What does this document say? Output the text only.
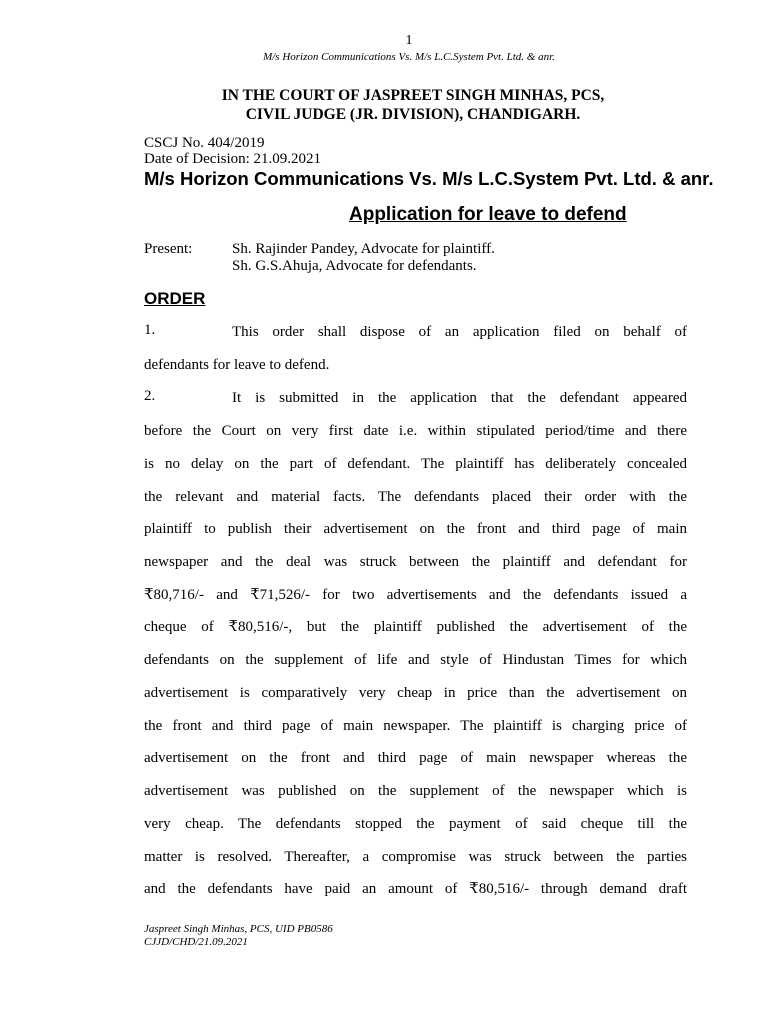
1
M/s Horizon Communications Vs. M/s L.C.System Pvt. Ltd. & anr.
IN THE COURT OF JASPREET SINGH MINHAS, PCS,
CIVIL JUDGE (JR. DIVISION), CHANDIGARH.
CSCJ No. 404/2019
Date of Decision: 21.09.2021
M/s Horizon Communications Vs. M/s L.C.System Pvt. Ltd. & anr.
Application for leave to defend
Present:	Sh. Rajinder Pandey, Advocate for plaintiff.
Sh. G.S.Ahuja, Advocate for defendants.
ORDER
1.	This order shall dispose of an application filed on behalf of
defendants for leave to defend.
2.	It is submitted in the application that the defendant appeared
before the Court on very first date i.e. within stipulated period/time and there
is no delay on the part of defendant. The plaintiff has deliberately concealed
the relevant and material facts. The defendants placed their order with the
plaintiff to publish their advertisement on the front and third page of main
newspaper and the deal was struck between the plaintiff and defendant for
₹80,716/- and ₹71,526/- for two advertisements and the defendants issued a
cheque of ₹80,516/-, but the plaintiff published the advertisement of the
defendants on the supplement of life and style of Hindustan Times for which
advertisement is comparatively very cheap in price than the advertisement on
the front and third page of main newspaper. The plaintiff is charging price of
advertisement on the front and third page of main newspaper whereas the
advertisement was published on the supplement of the newspaper which is
very cheap. The defendants stopped the payment of said cheque till the
matter is resolved. Thereafter, a compromise was struck between the parties
and the defendants have paid an amount of ₹80,516/- through demand draft
Jaspreet Singh Minhas, PCS, UID PB0586
CJJD/CHD/21.09.2021
